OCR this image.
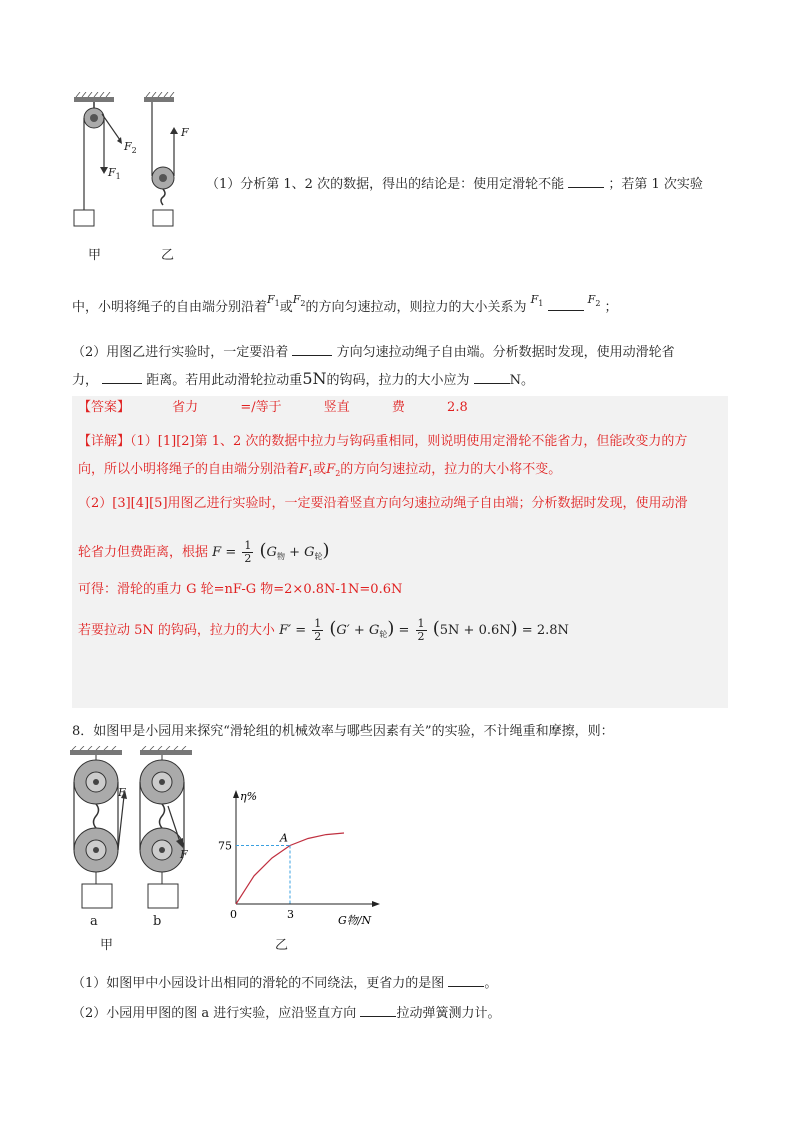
$F_2$
$F_1$
F
甲	乙
（1）分析第 1、2 次的数据，得出的结论是：使用定滑轮不能	；若第 1 次实验
中，小明将绳子的自由端分别沿着$^{F_1}$或$^{F_2}$的方向匀速拉动，则拉力的大小关系为 $^{F_1}$	$^{F_2}$ ；
（2）用图乙进行实验时，一定要沿着	方向匀速拉动绳子自由端。分析数据时发现，使用动滑轮省
力，	距离。若用此动滑轮拉动重5N的钩码，拉力的大小应为	N。
【答案】	省力	=/等于	竖直	费	2.8
【详解】（1）[1][2]第 1、2 次的数据中拉力与钩码重相同，则说明使用定滑轮不能省力，但能改变力的方
向，所以小明将绳子的自由端分别沿着$F_1$或$F_2$的方向匀速拉动，拉力的大小将不变。
（2）[3][4][5]用图乙进行实验时，一定要沿着竖直方向匀速拉动绳子自由端；分析数据时发现，使用动滑
轮省力但费距离，根据 $F = \frac{1}{2} (G_物 + G_轮)$
可得：滑轮的重力 G 轮=nF-G 物=2×0.8N-1N=0.6N
若要拉动 5N 的钩码，拉力的大小 $F' = \frac{1}{2} (G' + G_轮) = \frac{1}{2} (5N + 0.6N) = 2.8N$
8．如图甲是小园用来探究“滑轮组的机械效率与哪些因素有关”的实验，不计绳重和摩擦，则：
F
F
a	b
甲
η%
G物/N
0	3
75
A
乙
（1）如图甲中小园设计出相同的滑轮的不同绕法，更省力的是图	。
（2）小园用甲图的图 a 进行实验，应沿竖直方向	拉动弹簧测力计。
